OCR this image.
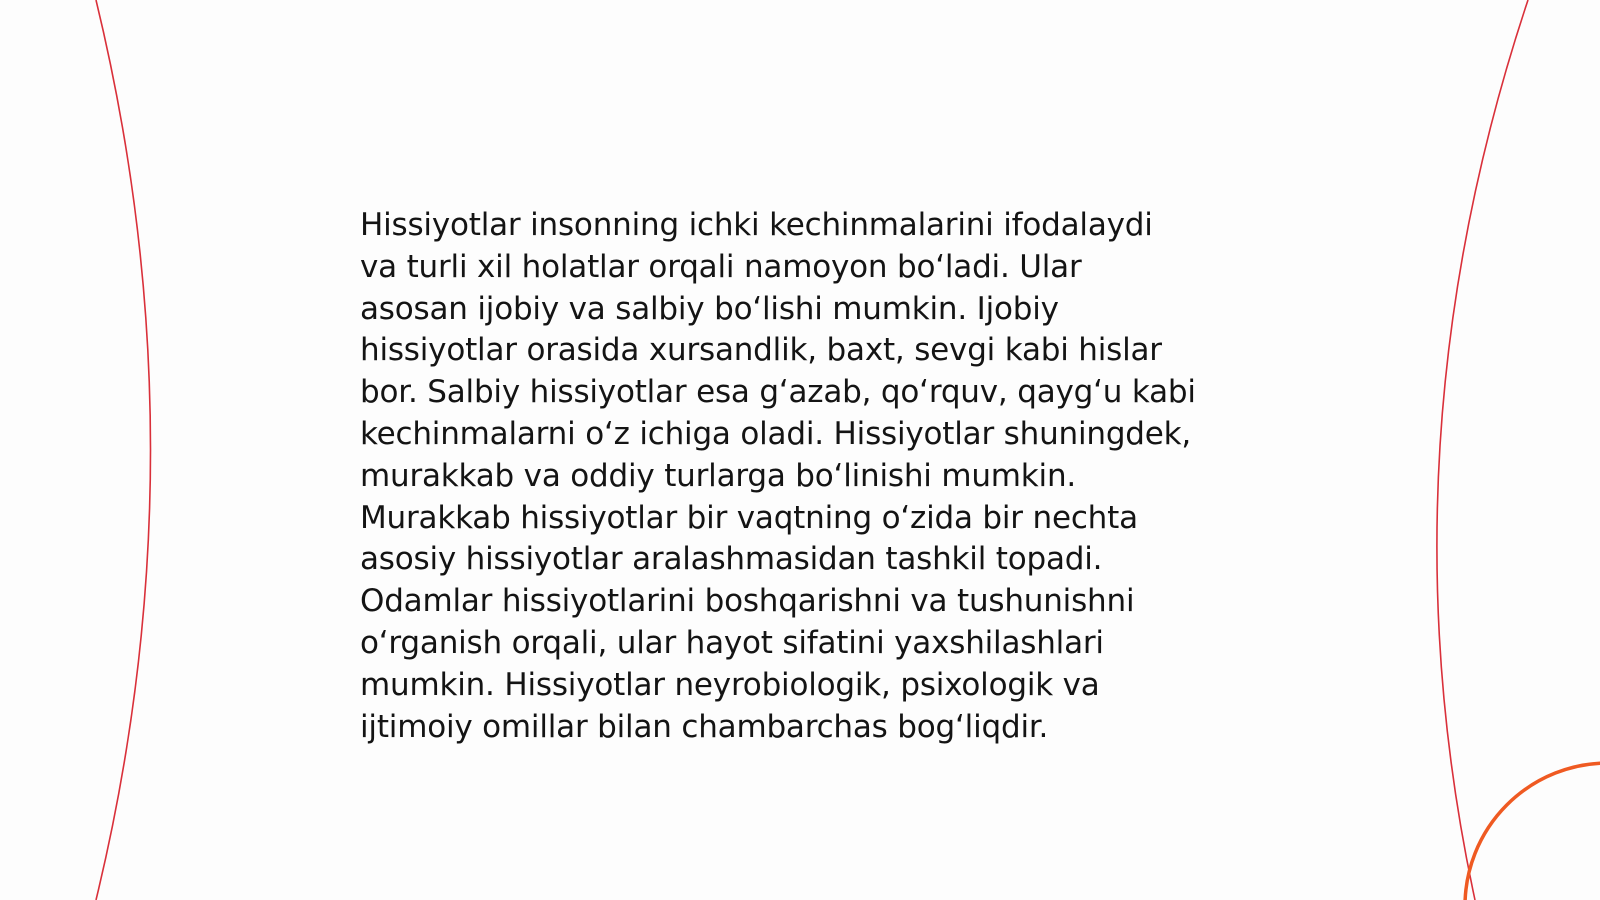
Hissiyotlar insonning ichki kechinmalarini ifodalaydi
va turli xil holatlar orqali namoyon boʻladi. Ular
asosan ijobiy va salbiy boʻlishi mumkin. Ijobiy
hissiyotlar orasida xursandlik, baxt, sevgi kabi hislar
bor. Salbiy hissiyotlar esa gʻazab, qoʻrquv, qaygʻu kabi
kechinmalarni oʻz ichiga oladi. Hissiyotlar shuningdek,
murakkab va oddiy turlarga boʻlinishi mumkin.
Murakkab hissiyotlar bir vaqtning oʻzida bir nechta
asosiy hissiyotlar aralashmasidan tashkil topadi.
Odamlar hissiyotlarini boshqarishni va tushunishni
oʻrganish orqali, ular hayot sifatini yaxshilashlari
mumkin. Hissiyotlar neyrobiologik, psixologik va
ijtimoiy omillar bilan chambarchas bogʻliqdir.
